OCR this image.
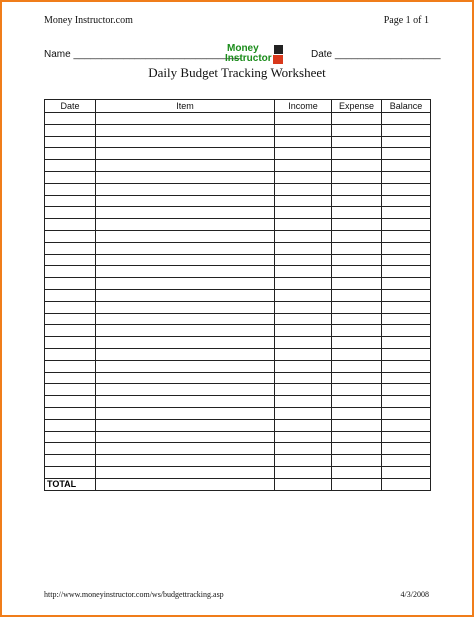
Money Instructor.com	Page 1 of 1
Name ______________________________
Money
Instructor	Date ___________________
Daily Budget Tracking Worksheet
Date	Item	Income	Expense	Balance

TOTAL				
http://www.moneyinstructor.com/ws/budgettracking.asp	4/3/2008
